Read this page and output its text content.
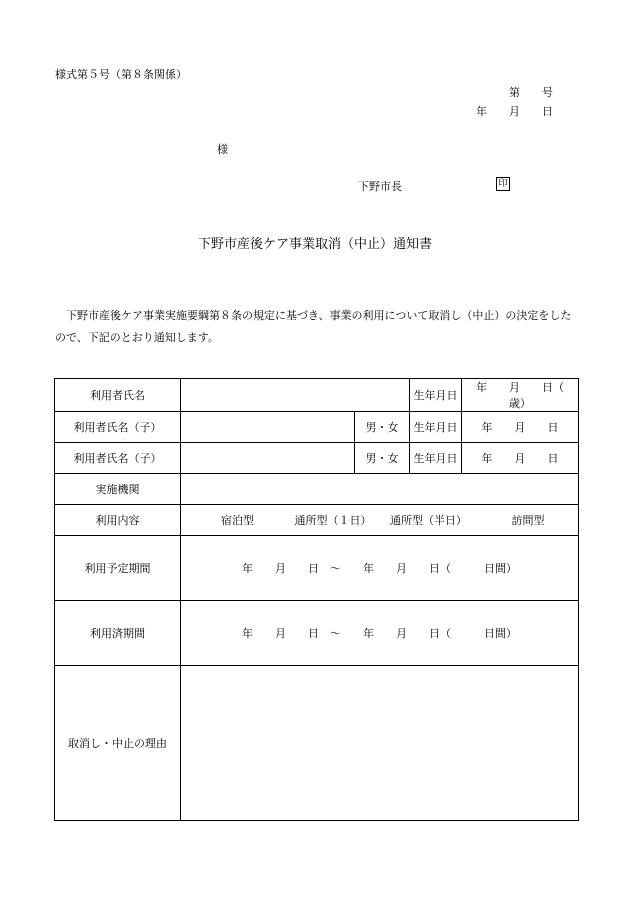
様式第５号（第８条関係）
第　　号
年　　月　　日
様
下野市長	印
下野市産後ケア事業取消（中止）通知書
下野市産後ケア事業実施要綱第８条の規定に基づき、事業の利用について取消し（中止）の決定をしたので、下記のとおり通知します。
利用者氏名			生年月日	年　　月　　日（　　歳）
利用者氏名（子）		男・女	生年月日	年　　月　　日
利用者氏名（子）		男・女	生年月日	年　　月　　日
実施機関				
利用内容	宿泊型 通所型（１日） 通所型（半日） 訪問型			
利用予定期間	年　　月　　日　〜　　年　　月　　日（　　　日間）			
利用済期間	年　　月　　日　〜　　年　　月　　日（　　　日間）			
取消し・中止の理由				
